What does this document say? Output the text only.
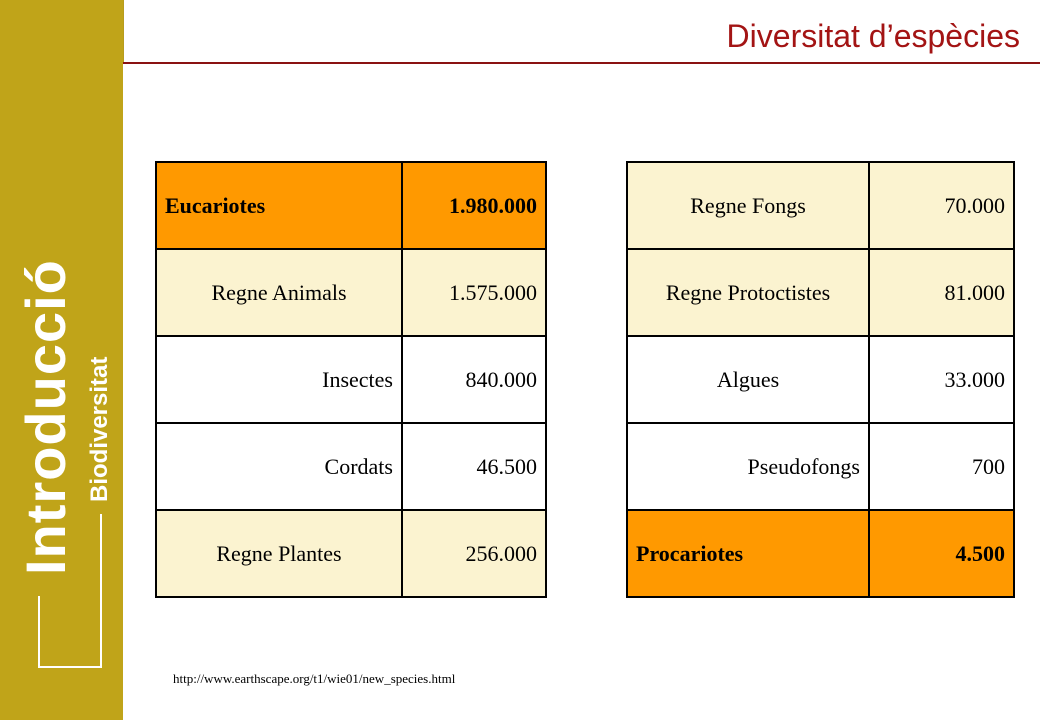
Introducció Biodiversitat
Diversitat d’espècies
Eucariotes	1.980.000
Regne Animals	1.575.000
Insectes	840.000
Cordats	46.500
Regne Plantes	256.000
Regne Fongs	70.000
Regne Protoctistes	81.000
Algues	33.000
Pseudofongs	700
Procariotes	4.500
http://www.earthscape.org/t1/wie01/new_species.html
